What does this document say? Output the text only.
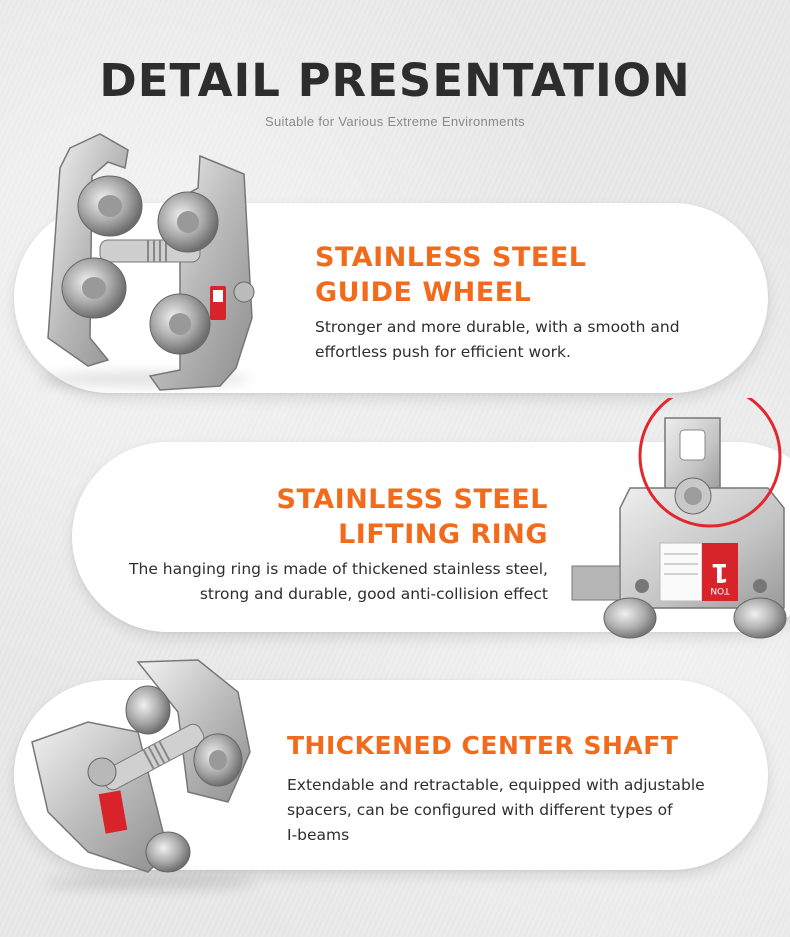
DETAIL PRESENTATION
Suitable for Various Extreme Environments
STAINLESS STEEL
GUIDE WHEEL
Stronger and more durable, with a smooth and
effortless push for efficient work.
1
TON
STAINLESS STEEL
LIFTING RING
The hanging ring is made of thickened stainless steel,
strong and durable, good anti-collision effect
THICKENED CENTER SHAFT
Extendable and retractable, equipped with adjustable
spacers, can be configured with different types of
I-beams
